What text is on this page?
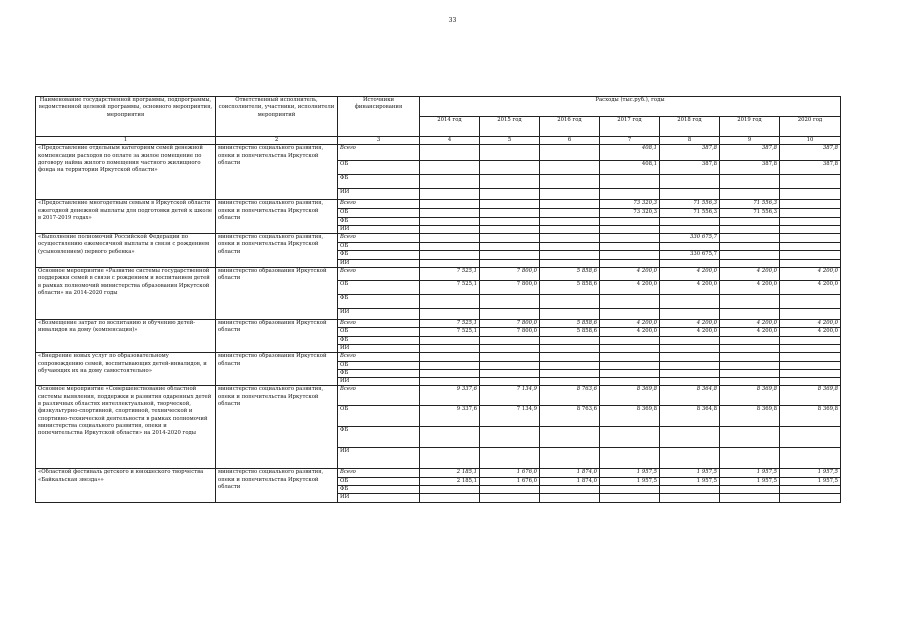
33
Наименование государственной программы, подпрограммы, ведомственной целевой программы, основного мероприятия, мероприятия	Ответственный исполнитель, соисполнители, участники, исполнители мероприятий	Источники финансирования	Расходы (тыс.руб.), годы						
			2014 год	2015 год	2016 год	2017 год	2018 год	2019 год	2020 год
1	2	3	4	5	6	7	8	9	10
«Предоставление отдельным категориям семей денежной компенсации расходов по оплате за жилое помещение по договору найма жилого помещения частного жилищного фонда на территории Иркутской области»	министерство социального развития, опеки и попечительства Иркутской области	Всего				408,1	387,8	387,8	387,8
		ОБ				408,1	387,8	387,8	387,8
		ФБ							
		ИИ							
«Предоставление многодетным семьям в Иркутской области ежегодной денежной выплаты для подготовки детей к школе в 2017-2019 годах»	министерство социального развития, опеки и попечительства Иркутской области	Всего				73 320,3	71 556,3	71 556,3	
		ОБ				73 320,3	71 556,3	71 556,3	
		ФБ							
		ИИ							
«Выполнение полномочий Российской Федерации по осуществлению ежемесячной выплаты в связи с рождением (усыновлением) первого ребенка»	министерство социального развития, опеки и попечительства Иркутской области	Всего					330 675,7		
		ОБ							
		ФБ					330 675,7		
		ИИ							
Основное мероприятие «Развитие системы государственной поддержки семей в связи с рождением и воспитанием детей в рамках полномочий министерства образования Иркутской области» на 2014-2020 годы	министерство образования Иркутской области	Всего	7 525,1	7 800,0	5 858,6	4 200,0	4 200,0	4 200,0	4 200,0
		ОБ	7 525,1	7 800,0	5 858,6	4 200,0	4 200,0	4 200,0	4 200,0
		ФБ							
		ИИ							
«Возмещение затрат по воспитанию и обучению детей-инвалидов на дому (компенсация)»	министерство образования Иркутской области	Всего	7 525,1	7 800,0	5 858,6	4 200,0	4 200,0	4 200,0	4 200,0
		ОБ	7 525,1	7 800,0	5 858,6	4 200,0	4 200,0	4 200,0	4 200,0
		ФБ							
		ИИ							
«Внедрение новых услуг по образовательному сопровождению семей, воспитывающих детей-инвалидов, и обучающих их на дому самостоятельно»	министерство образования Иркутской области	Всего							
		ОБ							
		ФБ							
		ИИ							
Основное мероприятие «Совершенствование областной системы выявления, поддержки и развития одаренных детей в различных областях интеллектуальной, творческой, физкультурно-спортивной, спортивной, технической и спортивно-технической деятельности в рамках полномочий министерства социального развития, опеки и попечительства Иркутской области» на 2014-2020 годы	министерство социального развития, опеки и попечительства Иркутской области	Всего	9 337,6	7 134,9	8 763,6	8 369,8	8 364,8	8 369,8	8 369,8
		ОБ	9 337,6	7 134,9	8 763,6	8 369,8	8 364,8	8 369,8	8 369,8
		ФБ							
		ИИ							
«Областной фестиваль детского и юношеского творчества «Байкальская звезда»»	министерство социального развития, опеки и попечительства Иркутской области	Всего	2 185,1	1 676,0	1 874,0	1 957,5	1 957,5	1 957,5	1 957,5
		ОБ	2 185,1	1 676,0	1 874,0	1 957,5	1 957,5	1 957,5	1 957,5
		ФБ							
		ИИ							
